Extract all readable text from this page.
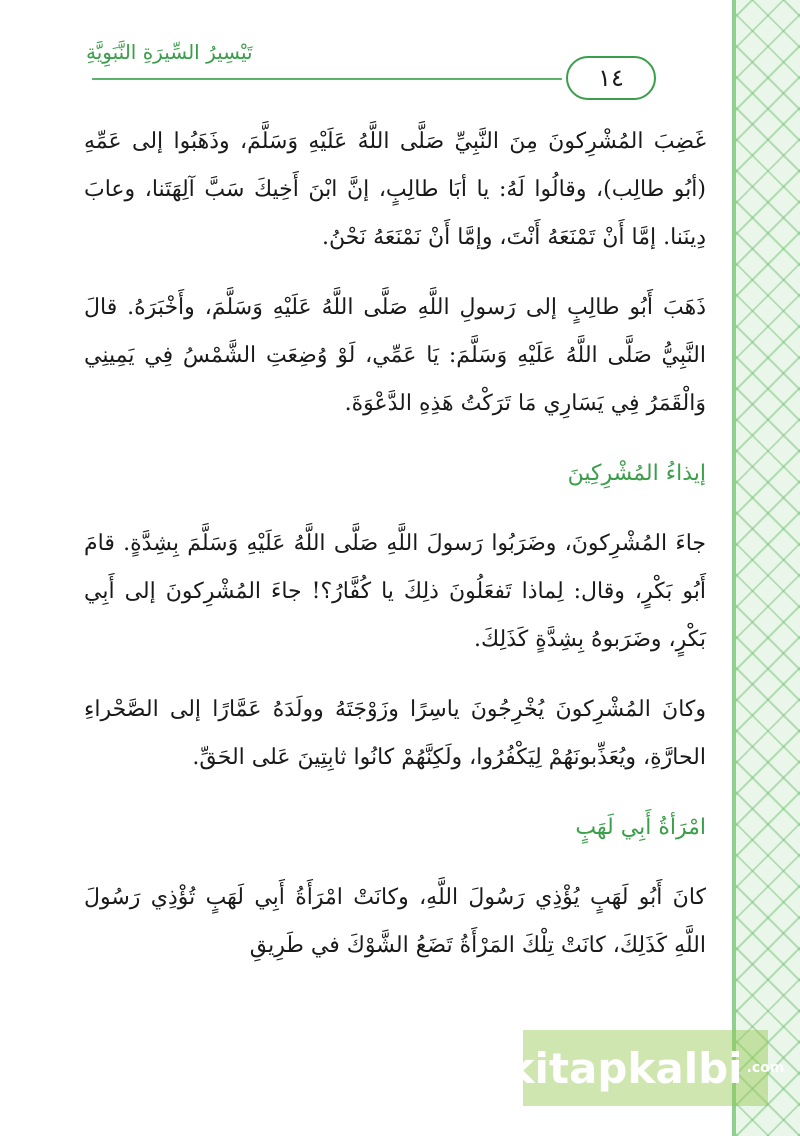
تَيْسِيرُ السِّيرَةِ النَّبَوِيَّةِ
١٤

غَضِبَ المُشْرِكونَ مِنَ النَّبِيِّ صَلَّى اللَّهُ عَلَيْهِ وَسَلَّمَ، وذَهَبُوا إلى عَمِّهِ (أبُو طالِب)، وقالُوا لَهُ: يا أبَا طالِبٍ، إنَّ ابْنَ أَخِيكَ سَبَّ آلِهَتَنا، وعابَ دِينَنا. إمَّا أَنْ تَمْنَعَهُ أَنْتَ، وإمَّا أَنْ نَمْنَعَهُ نَحْنُ.

ذَهَبَ أَبُو طالِبٍ إلى رَسولِ اللَّهِ صَلَّى اللَّهُ عَلَيْهِ وَسَلَّمَ، وأَخْبَرَهُ. قالَ النَّبِيُّ صَلَّى اللَّهُ عَلَيْهِ وَسَلَّمَ: يَا عَمِّي، لَوْ وُضِعَتِ الشَّمْسُ فِي يَمِينِي وَالْقَمَرُ فِي يَسَارِي مَا تَرَكْتُ هَذِهِ الدَّعْوَةَ.

إيذاءُ المُشْرِكِينَ

جاءَ المُشْرِكونَ، وضَرَبُوا رَسولَ اللَّهِ صَلَّى اللَّهُ عَلَيْهِ وَسَلَّمَ بِشِدَّةٍ. قامَ أَبُو بَكْرٍ، وقال: لِماذا تَفعَلُونَ ذلِكَ يا كُفَّارُ؟! جاءَ المُشْرِكونَ إلى أَبِي بَكْرٍ، وضَرَبوهُ بِشِدَّةٍ كَذَلِكَ.

وكانَ المُشْرِكونَ يُخْرِجُونَ ياسِرًا وزَوْجَتَهُ وولَدَهُ عَمَّارًا إلى الصَّحْراءِ الحارَّةِ، ويُعَذِّبونَهُمْ لِيَكْفُرُوا، ولَكِنَّهُمْ كانُوا ثابِتِينَ عَلى الحَقِّ.

امْرَأةُ أَبِي لَهَبٍ

كانَ أَبُو لَهَبٍ يُؤْذِي رَسُولَ اللَّهِ، وكانَتْ امْرَأَةُ أَبِي لَهَبٍ تُؤْذِي رَسُولَ اللَّهِ كَذَلِكَ، كانَتْ تِلْكَ المَرْأَةُ تَضَعُ الشَّوْكَ في طَرِيقِ

kitapkalbi .com
